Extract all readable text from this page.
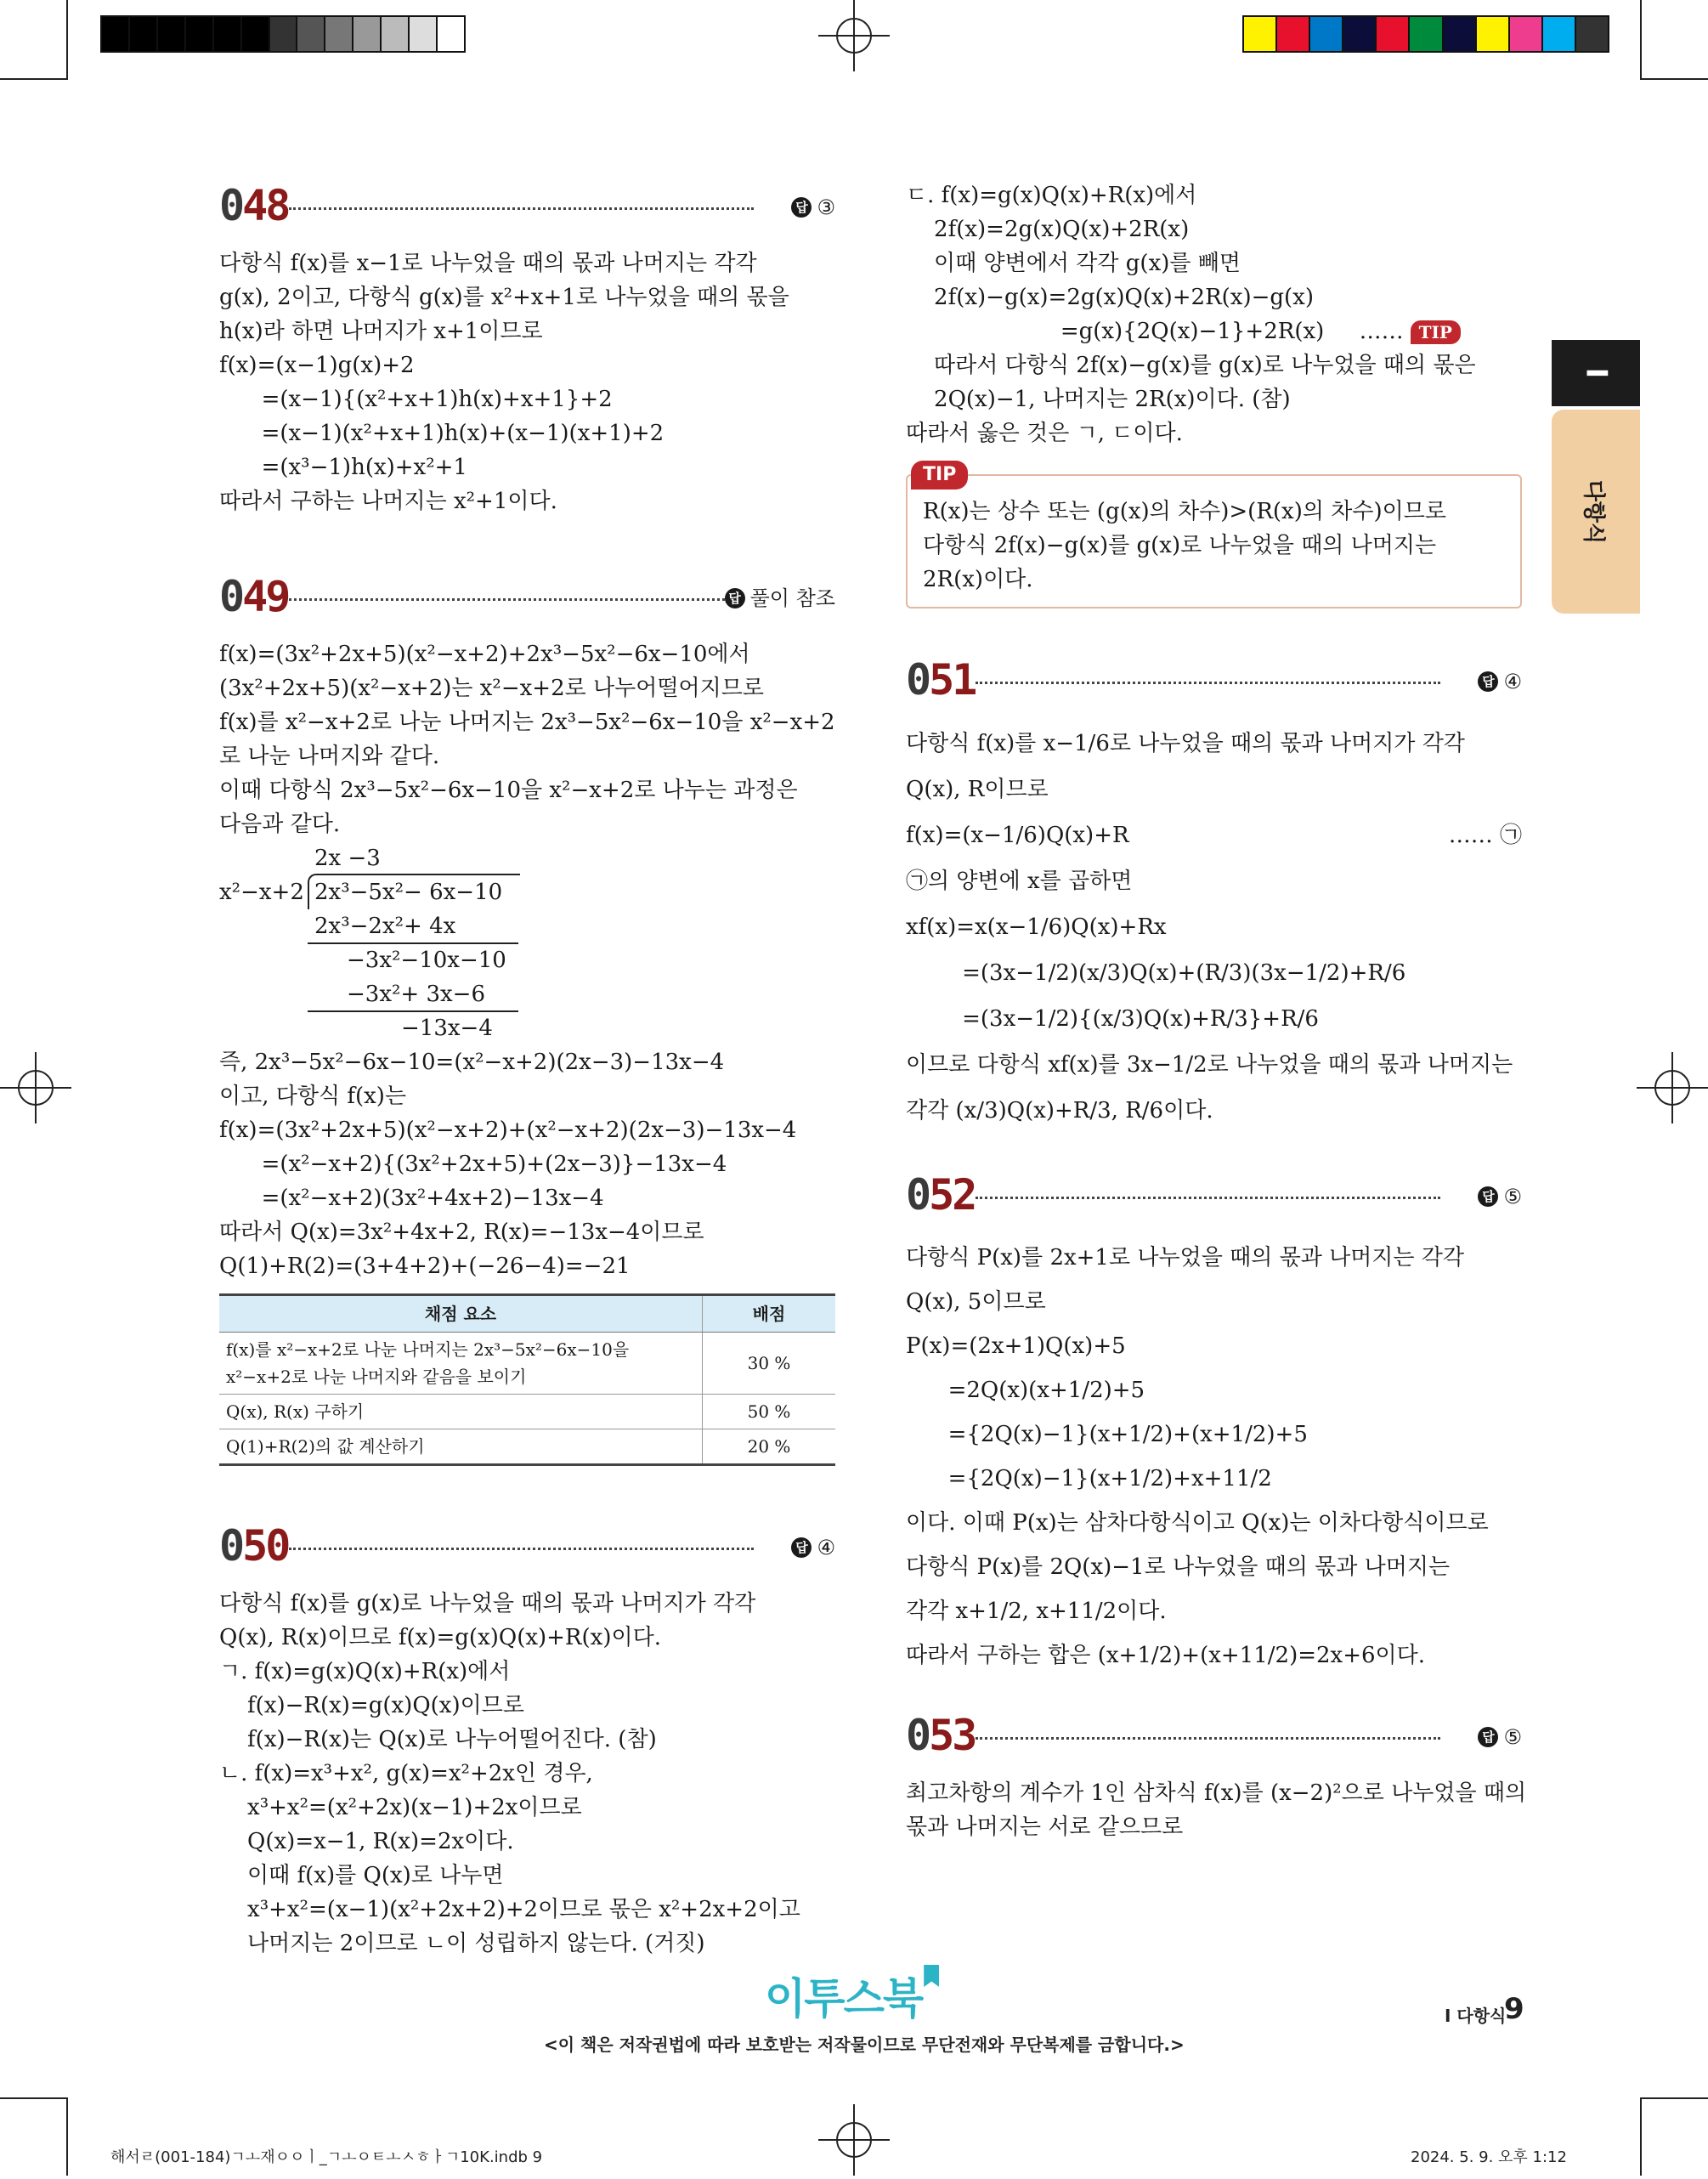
I
다항식
048	답 ③

다항식 f(x)를 x−1로 나누었을 때의 몫과 나머지는 각각

g(x), 2이고, 다항식 g(x)를 x²+x+1로 나누었을 때의 몫을

h(x)라 하면 나머지가 x+1이므로

f(x)=(x−1)g(x)+2

=(x−1){(x²+x+1)h(x)+x+1}+2

=(x−1)(x²+x+1)h(x)+(x−1)(x+1)+2

=(x³−1)h(x)+x²+1

따라서 구하는 나머지는 x²+1이다.

049	답 풀이 참조

f(x)=(3x²+2x+5)(x²−x+2)+2x³−5x²−6x−10에서

(3x²+2x+5)(x²−x+2)는 x²−x+2로 나누어떨어지므로

f(x)를 x²−x+2로 나눈 나머지는 2x³−5x²−6x−10을 x²−x+2

로 나눈 나머지와 같다.

이때 다항식 2x³−5x²−6x−10을 x²−x+2로 나누는 과정은

다음과 같다.

2x −3
x²−x+2 2x³−5x²− 6x−10
2x³−2x²+ 4x
−3x²−10x−10
−3x²+ 3x−6
−13x−4

즉, 2x³−5x²−6x−10=(x²−x+2)(2x−3)−13x−4

이고, 다항식 f(x)는

f(x)=(3x²+2x+5)(x²−x+2)+(x²−x+2)(2x−3)−13x−4

=(x²−x+2){(3x²+2x+5)+(2x−3)}−13x−4

=(x²−x+2)(3x²+4x+2)−13x−4

따라서 Q(x)=3x²+4x+2, R(x)=−13x−4이므로

Q(1)+R(2)=(3+4+2)+(−26−4)=−21

채점 요소	배점

f(x)를 x²−x+2로 나눈 나머지는 2x³−5x²−6x−10을
x²−x+2로 나눈 나머지와 같음을 보이기	30 %
Q(x), R(x) 구하기	50 %
Q(1)+R(2)의 값 계산하기	20 %
050	답 ④

다항식 f(x)를 g(x)로 나누었을 때의 몫과 나머지가 각각

Q(x), R(x)이므로 f(x)=g(x)Q(x)+R(x)이다.

ㄱ. f(x)=g(x)Q(x)+R(x)에서

f(x)−R(x)=g(x)Q(x)이므로

f(x)−R(x)는 Q(x)로 나누어떨어진다. (참)

ㄴ. f(x)=x³+x², g(x)=x²+2x인 경우,

x³+x²=(x²+2x)(x−1)+2x이므로

Q(x)=x−1, R(x)=2x이다.

이때 f(x)를 Q(x)로 나누면

x³+x²=(x−1)(x²+2x+2)+2이므로 몫은 x²+2x+2이고

나머지는 2이므로 ㄴ이 성립하지 않는다. (거짓)

ㄷ. f(x)=g(x)Q(x)+R(x)에서

2f(x)=2g(x)Q(x)+2R(x)

이때 양변에서 각각 g(x)를 빼면

2f(x)−g(x)=2g(x)Q(x)+2R(x)−g(x)

=g(x){2Q(x)−1}+2R(x)     …… TIP

따라서 다항식 2f(x)−g(x)를 g(x)로 나누었을 때의 몫은

2Q(x)−1, 나머지는 2R(x)이다. (참)

따라서 옳은 것은 ㄱ, ㄷ이다.

TIP

R(x)는 상수 또는 (g(x)의 차수)>(R(x)의 차수)이므로

다항식 2f(x)−g(x)를 g(x)로 나누었을 때의 나머지는

2R(x)이다.

051	답 ④

다항식 f(x)를 x−1/6로 나누었을 때의 몫과 나머지가 각각

Q(x), R이므로

f(x)=(x−1/6)Q(x)+R	…… ㉠

㉠의 양변에 x를 곱하면

xf(x)=x(x−1/6)Q(x)+Rx

=(3x−1/2)(x/3)Q(x)+(R/3)(3x−1/2)+R/6

=(3x−1/2){(x/3)Q(x)+R/3}+R/6

이므로 다항식 xf(x)를 3x−1/2로 나누었을 때의 몫과 나머지는

각각 (x/3)Q(x)+R/3, R/6이다.

052	답 ⑤

다항식 P(x)를 2x+1로 나누었을 때의 몫과 나머지는 각각

Q(x), 5이므로

P(x)=(2x+1)Q(x)+5

=2Q(x)(x+1/2)+5

={2Q(x)−1}(x+1/2)+(x+1/2)+5

={2Q(x)−1}(x+1/2)+x+11/2

이다. 이때 P(x)는 삼차다항식이고 Q(x)는 이차다항식이므로

다항식 P(x)를 2Q(x)−1로 나누었을 때의 몫과 나머지는

각각 x+1/2, x+11/2이다.

따라서 구하는 합은 (x+1/2)+(x+11/2)=2x+6이다.

053	답 ⑤

최고차항의 계수가 1인 삼차식 f(x)를 (x−2)²으로 나누었을 때의

몫과 나머지는 서로 같으므로

이투스북
<이 책은 저작권법에 따라 보호받는 저작물이므로 무단전재와 무단복제를 금합니다.>
I 다항식
9
해서ㄹ(001-184)ㄱㅗ재ㅇㅇㅣ_ㄱㅗㅇㅌㅗㅅㅎㅏㄱ10K.indb 9	2024. 5. 9. 오후 1:12
